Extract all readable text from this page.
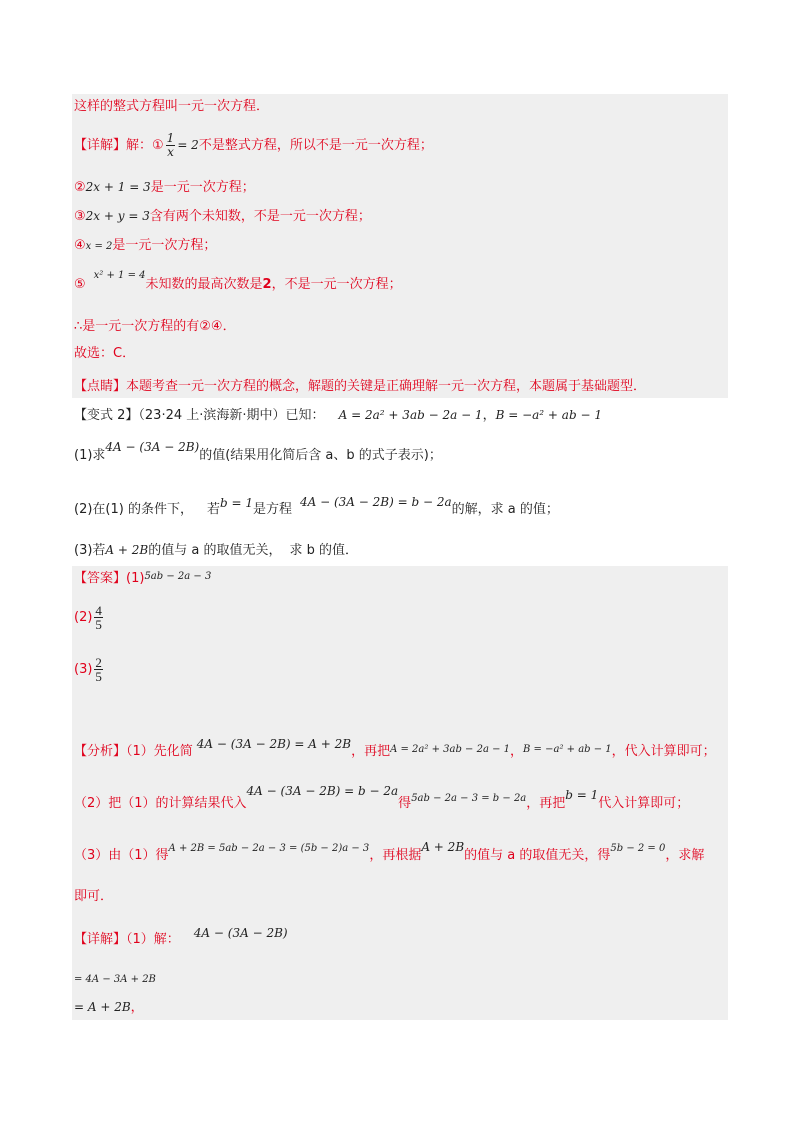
这样的整式方程叫一元一次方程．
【详解】解：① $\frac{1}{x} = 2$不是整式方程，所以不是一元一次方程；
②2x + 1 = 3是一元一次方程；
③2x + y = 3含有两个未知数，不是一元一次方程；
④x = 2是一元一次方程；
⑤$^{x^2 + 1 = 4}$未知数的最高次数是2，不是一元一次方程；
∴是一元一次方程的有②④．
故选：C．
【点睛】本题考查一元一次方程的概念，解题的关键是正确理解一元一次方程，本题属于基础题型．
【变式 2】（23·24 上·滨海新·期中）已知： A = 2a² + 3ab − 2a − 1，B = −a² + ab − 1
(1)求4A − (3A − 2B)的值(结果用化简后含 a、b 的式子表示)；
(2)在(1) 的条件下， 若b = 1是方程 4A − (3A − 2B) = b − 2a的解，求 a 的值；
(3)若A + 2B的值与 a 的取值无关， 求 b 的值．
【答案】$(1)^{5ab - 2a - 3}$
$(2) \frac{4}{5}$
$(3) \frac{2}{5}$
【分析】（1）先化简 4A − (3A − 2B) = A + 2B，再把$^{A = 2a^2 + 3ab - 2a - 1}$，$^{B = -a^2 + ab - 1}$，代入计算即可；
（2）把（1）的计算结果代入4A − (3A − 2B) = b − 2a得$^{5ab - 2a - 3 = b - 2a}$，再把b = 1代入计算即可；
（3）由（1）得$^{A + 2B = 5ab - 2a - 3 = (5b - 2)a - 3}$，再根据A + 2B的值与 a 的取值无关，得$^{5b - 2 = 0}$，求解
即可．
【详解】（1）解： 4A − (3A − 2B)
= 4A − 3A + 2B
= A + 2B，
